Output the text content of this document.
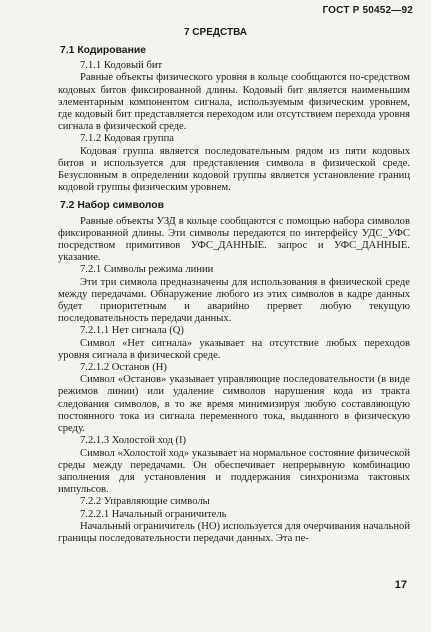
ГОСТ Р 50452—92
7 СРЕДСТВА
7.1 Кодирование

7.1.1 Кодовый бит

Равные объекты физического уровня в кольце сообщаются по-средством кодовых битов фиксированной длины. Кодовый бит является наименьшим элементарным компонентом сигнала, используемым физическим уровнем, где кодовый бит представляется переходом или отсутствием перехода уровня сигнала в физической среде.

7.1.2 Кодовая группа

Кодовая группа является последовательным рядом из пяти кодовых битов и используется для представления символа в физической среде. Безусловным в определении кодовой группы является установление границ кодовой группы физическим уровнем.

7.2 Набор символов

Равные объекты УЗД в кольце сообщаются с помощью набора символов фиксированной длины. Эти символы передаются по интерфейсу УДС_УФС посредством примитивов УФС_ДАННЫЕ. запрос и УФС_ДАННЫЕ. указание.

7.2.1 Символы режима линии

Эти три символа предназначены для использования в физической среде между передачами. Обнаружение любого из этих символов в кадре данных будет приоритетным и аварийно прервет любую текущую последовательность передачи данных.

7.2.1.1 Нет сигнала (Q)

Символ «Нет сигнала» указывает на отсутствие любых переходов уровня сигнала в физической среде.

7.2.1.2 Останов (H)

Символ «Останов» указывает управляющие последовательности (в виде режимов линии) или удаление символов нарушения кода из тракта следования символов, в то же время минимизируя любую составляющую постоянного тока из сигнала переменного тока, выданного в физическую среду.

7.2.1.3 Холостой ход (I)

Символ «Холостой ход» указывает на нормальное состояние физической среды между передачами. Он обеспечивает непрерывную комбинацию заполнения для установления и поддержания синхронизма тактовых импульсов.

7.2.2 Управляющие символы

7.2.2.1 Начальный ограничитель

Начальный ограничитель (НО) используется для очерчивания начальной границы последовательности передачи данных. Эта пе-

17
